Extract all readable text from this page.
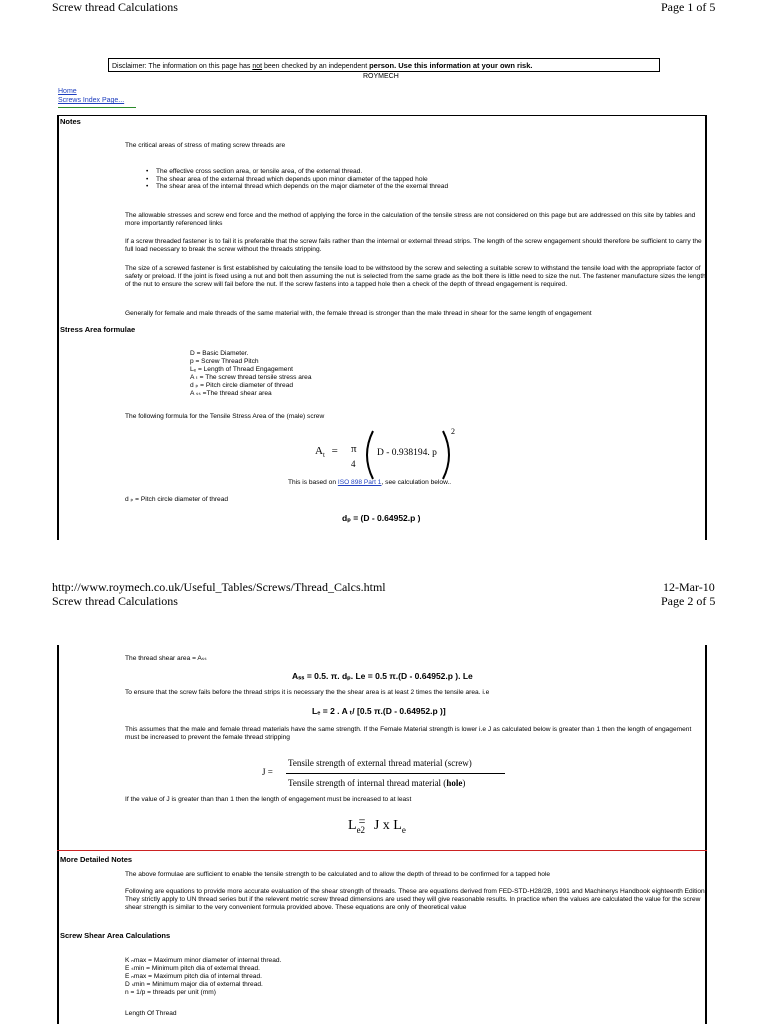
Screw thread Calculations	Page 1 of 5
Disclaimer: The information on this page has not been checked by an independent person. Use this information at your own risk.
ROYMECH
Home
Screws Index Page...
Notes
The critical areas of stress of mating screw threads are
• The effective cross section area, or tensile area, of the external thread.
• The shear area of the external thread which depends upon minor diameter of the tapped hole
• The shear area of the internal thread which depends on the major diameter of the the exernal thread
The allowable stresses and screw end force and the method of applying the force in the calculation of the tensile stress are not considered on this page but are addressed on this site by tables and more importantly referenced links
If a screw threaded fastener is to fail it is preferable that the screw fails rather than the internal or external thread strips. The length of the screw engagement should therefore be sufficient to carry the full load necessary to break the screw without the threads stripping.
The size of a screwed fastener is first established by calculating the tensile load to be withstood by the screw and selecting a suitable screw to withstand the tensile load with the appropriate factor of safety or preload. If the joint is fixed using a nut and bolt then assuming the nut is selected from the same grade as the bolt there is little need to size the nut. The fastener manufacture sizes the length of the nut to ensure the screw will fail before the nut. If the screw fastens into a tapped hole then a check of the depth of thread engagement is required.
Generally for female and male threads of the same material with, the female thread is stronger than the male thread in shear for the same length of engagement
Stress Area formulae
D = Basic Diameter.
p = Screw Thread Pitch
Lₑ = Length of Thread Engagement
A ₜ = The screw thread tensile stress area
d ₚ = Pitch circle diameter of thread
A ₛₛ =The thread shear area
The following formula for the Tensile Stress Area of the (male) screw
$A_t = \pi$
4
D - 0.938194. p
2
This is based on ISO 898 Part 1, see calculation below..
d ₚ = Pitch circle diameter of thread
dₚ = (D - 0.64952.p )
http://www.roymech.co.uk/Useful_Tables/Screws/Thread_Calcs.html	12-Mar-10
Screw thread Calculations	Page 2 of 5
The thread shear area = Aₛₛ
Aₛₛ = 0.5. π. dₚ. Le = 0.5 π.(D - 0.64952.p ). Le
To ensure that the screw fails before the thread strips it is necessary the the shear area is at least 2 times the tensile area. i.e
Lₑ = 2 . A ₜ/ [0.5 π.(D - 0.64952.p )]
This assumes that the male and female thread materials have the same strength. If the Female Material strength is lower i.e J as calculated below is greater than 1 then the length of engagement must be increased to prevent the female thread stripping
J =
Tensile strength of external thread material (screw)
Tensile strength of internal thread material (hole)
If the value of J is greater than than 1 then the length of engagement must be increased to at least
$L_{e2} = J$ x $L_e$
More Detailed Notes
The above formulae are sufficient to enable the tensile strength to be calculated and to allow the depth of thread to be confirmed for a tapped hole
Following are equations to provide more accurate evaluation of the shear strength of threads. These are equations derived from FED-STD-H28/2B, 1991 and Machinerys Handbook eighteenth Edition. They strictly apply to UN thread series but if the relevent metric screw thread dimensions are used they will give reasonable results. In practice when the values are calculated the value for the screw shear strength is similar to the very convenient formula provided above. These equations are only of theoretical value
Screw Shear Area Calculations
K ₙmax = Maximum minor diameter of internal thread.
E ₛmin = Minimum pitch dia of external thread.
E ₙmax = Maximum pitch dia of internal thread.
D ₛmin = Minimum major dia of external thread.
n = 1/p = threads per unit (mm)
Length Of Thread
